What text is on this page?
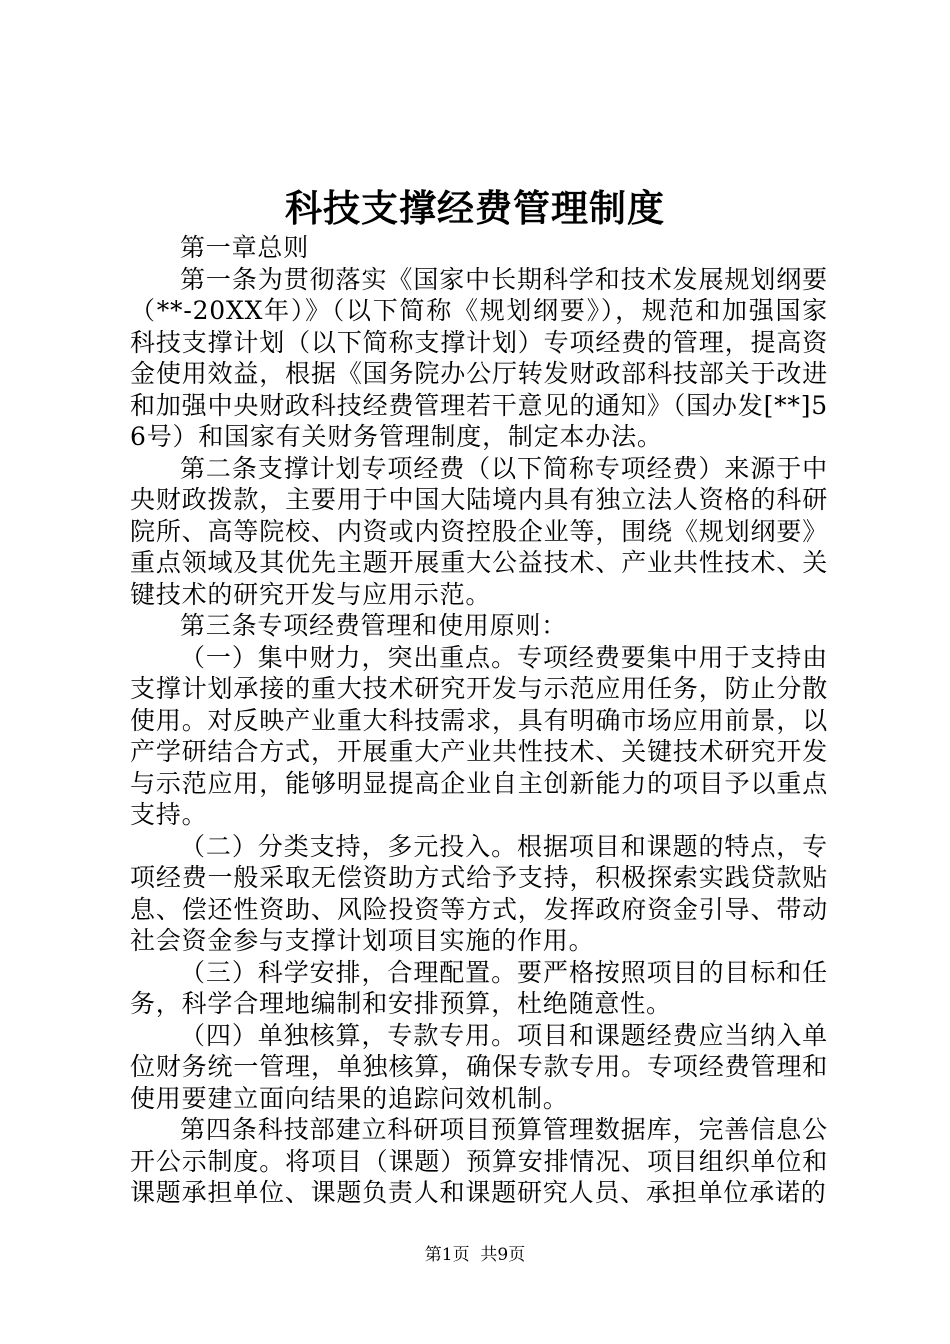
科技支撑经费管理制度

第一章总则

第一条为贯彻落实《国家中长期科学和技术发展规划纲要（**-20XX年）》（以下简称《规划纲要》），规范和加强国家科技支撑计划（以下简称支撑计划）专项经费的管理，提高资金使用效益，根据《国务院办公厅转发财政部科技部关于改进和加强中央财政科技经费管理若干意见的通知》（国办发[**]56号）和国家有关财务管理制度，制定本办法。

第二条支撑计划专项经费（以下简称专项经费）来源于中央财政拨款，主要用于中国大陆境内具有独立法人资格的科研院所、高等院校、内资或内资控股企业等，围绕《规划纲要》重点领域及其优先主题开展重大公益技术、产业共性技术、关键技术的研究开发与应用示范。

第三条专项经费管理和使用原则：

（一）集中财力，突出重点。专项经费要集中用于支持由支撑计划承接的重大技术研究开发与示范应用任务，防止分散使用。对反映产业重大科技需求，具有明确市场应用前景，以产学研结合方式，开展重大产业共性技术、关键技术研究开发与示范应用，能够明显提高企业自主创新能力的项目予以重点支持。

（二）分类支持，多元投入。根据项目和课题的特点，专项经费一般采取无偿资助方式给予支持，积极探索实践贷款贴息、偿还性资助、风险投资等方式，发挥政府资金引导、带动社会资金参与支撑计划项目实施的作用。

（三）科学安排，合理配置。要严格按照项目的目标和任务，科学合理地编制和安排预算，杜绝随意性。

（四）单独核算，专款专用。项目和课题经费应当纳入单位财务统一管理，单独核算，确保专款专用。专项经费管理和使用要建立面向结果的追踪问效机制。

第四条科技部建立科研项目预算管理数据库，完善信息公开公示制度。将项目（课题）预算安排情况、项目组织单位和课题承担单位、课题负责人和课题研究人员、承担单位承诺的

第1页 共9页
